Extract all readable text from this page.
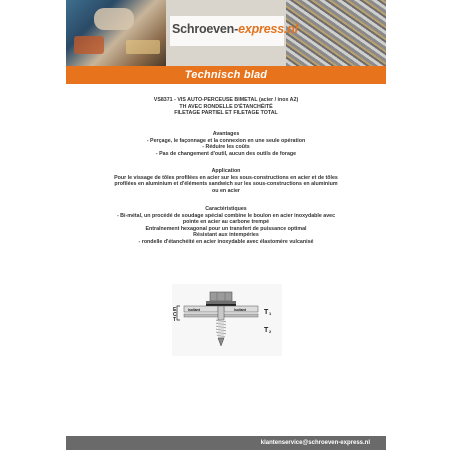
Schroeven-express.nl
Technisch blad
VS8371 - VIS AUTO-PERCEUSE BIMETAL (acier / inox A2)
TH AVEC RONDELLE D'ÉTANCHÉITÉ
FILETAGE PARTIEL ET FILETAGE TOTAL
Avantages
- Perçage, le façonnage et la connexion en une seule opération
- Réduire les coûts
- Pas de changement d'outil, aucun des outils de forage
Application
Pour le vissage de tôles profilées en acier sur les sous-constructions en acier et de tôles
profilées en aluminium et d'éléments sandwich sur les sous-constructions en aluminium
ou en acier
Caractéristiques
- Bi-métal, un procédé de soudage spécial combine le boulon en acier inoxydable avec
pointe en acier au carbone trempé
Entraînement hexagonal pour un transfert de puissance optimal
Résistant aux intempéries
- rondelle d'étanchéité en acier inoxydable avec élastomère vulcanisé
E
C
T
Isoliant	Isoliant	T 1
T 2
klantenservice@schroeven-express.nl
